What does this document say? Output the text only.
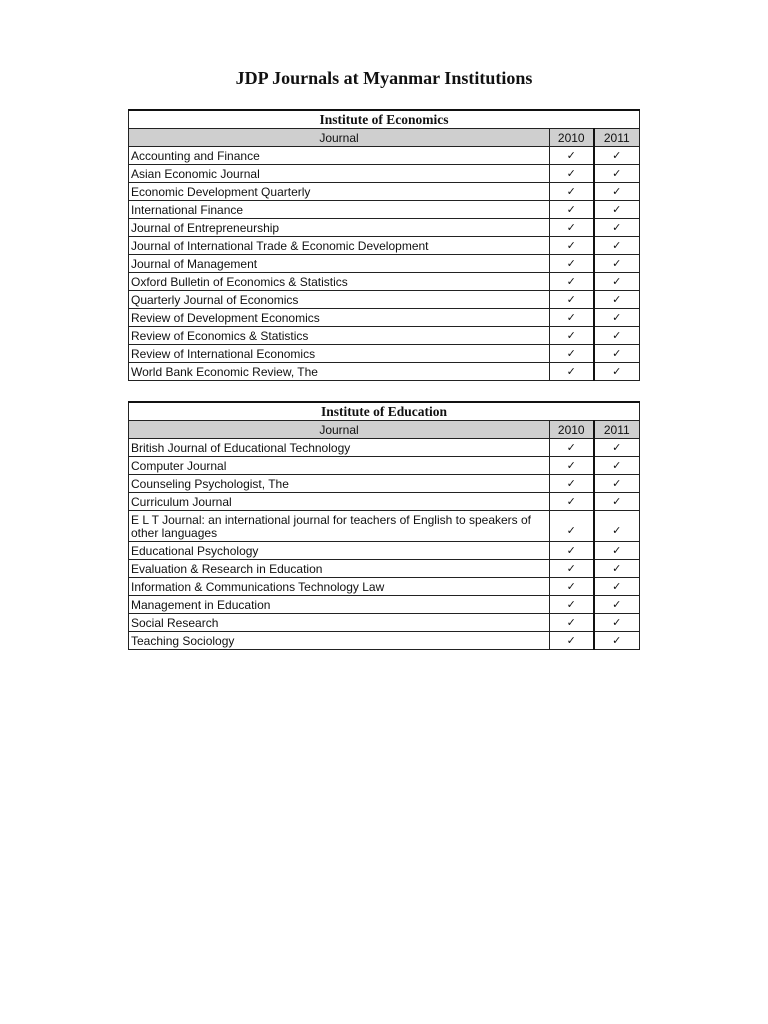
JDP Journals at Myanmar Institutions
Institute of Economics		
Journal	2010	2011
Accounting and Finance	✓	✓
Asian Economic Journal	✓	✓
Economic Development Quarterly	✓	✓
International Finance	✓	✓
Journal of Entrepreneurship	✓	✓
Journal of International Trade & Economic Development	✓	✓
Journal of Management	✓	✓
Oxford Bulletin of Economics & Statistics	✓	✓
Quarterly Journal of Economics	✓	✓
Review of Development Economics	✓	✓
Review of Economics & Statistics	✓	✓
Review of International Economics	✓	✓
World Bank Economic Review, The	✓	✓
Institute of Education		
Journal	2010	2011
British Journal of Educational Technology	✓	✓
Computer Journal	✓	✓
Counseling Psychologist, The	✓	✓
Curriculum Journal	✓	✓
E L T Journal: an international journal for teachers of English to speakers of other languages	✓	✓
Educational Psychology	✓	✓
Evaluation & Research in Education	✓	✓
Information & Communications Technology Law	✓	✓
Management in Education	✓	✓
Social Research	✓	✓
Teaching Sociology	✓	✓
